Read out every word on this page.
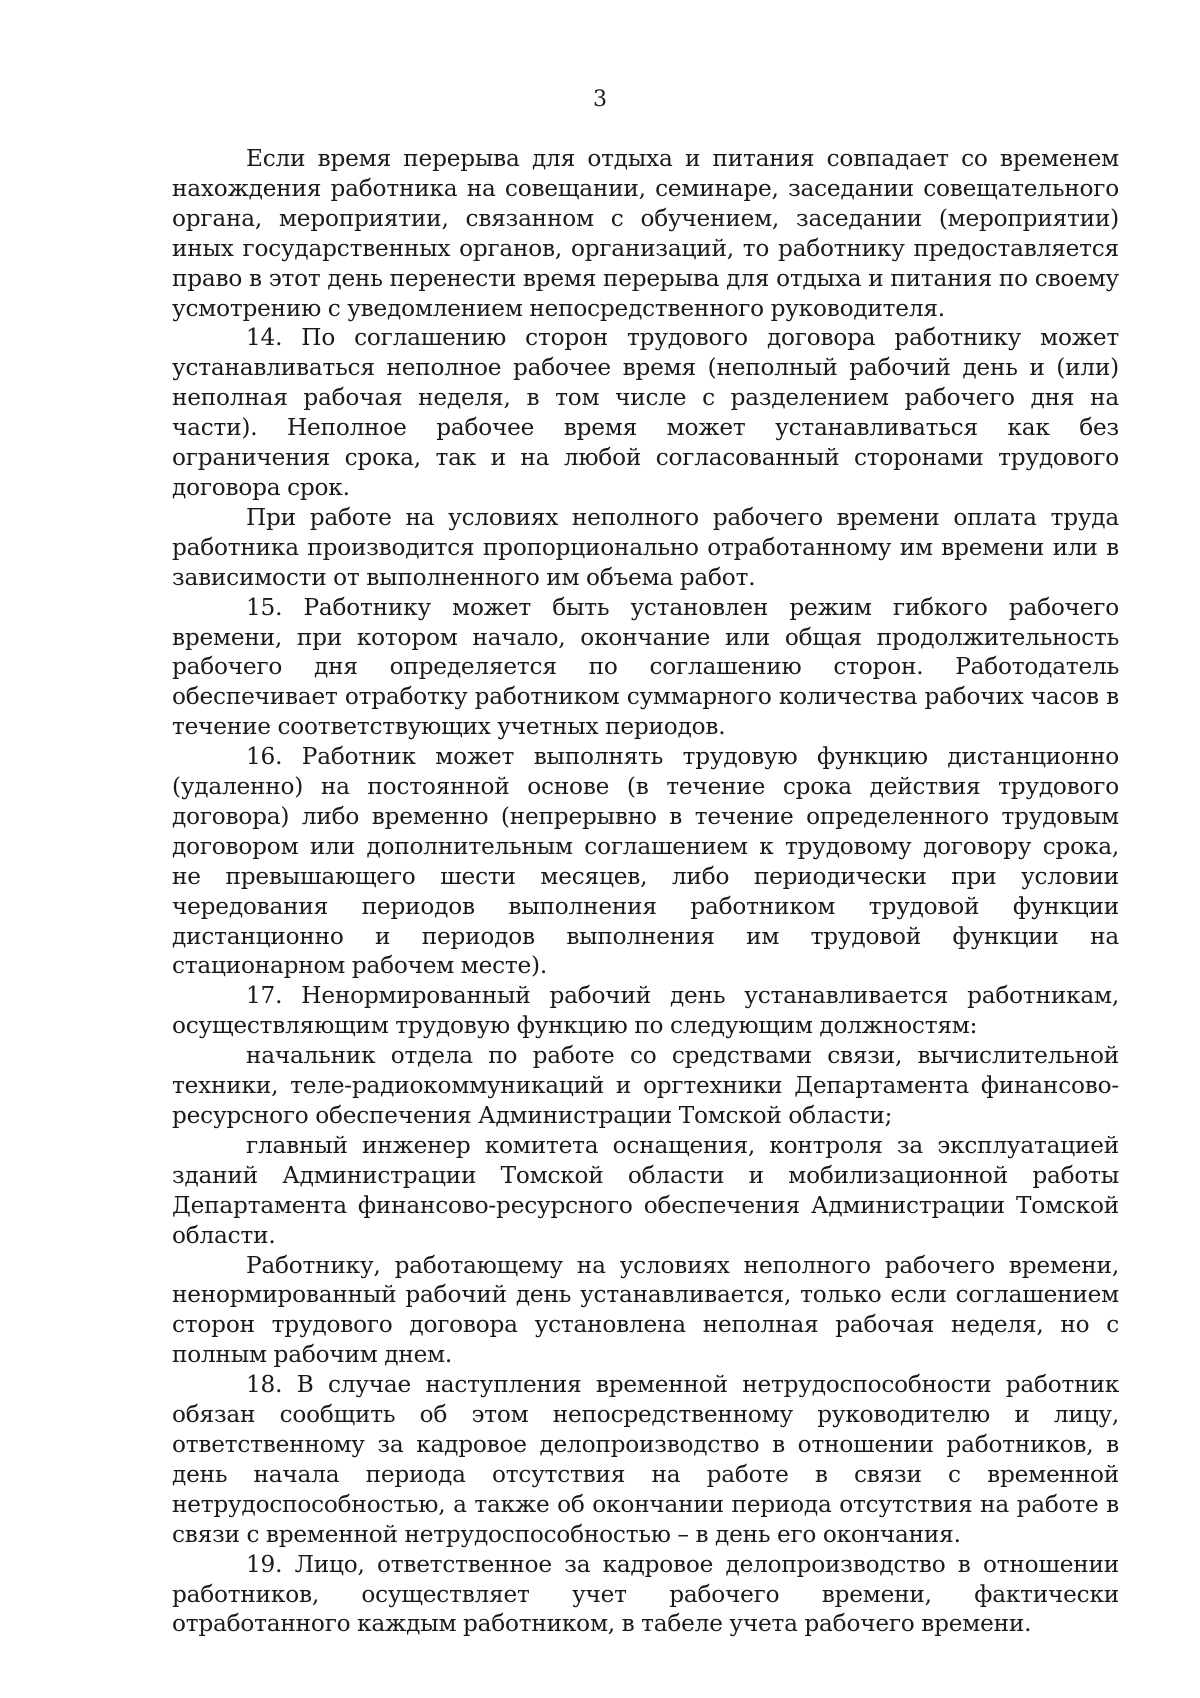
3

Если время перерыва для отдыха и питания совпадает со временем нахождения работника на совещании, семинаре, заседании совещательного органа, мероприятии, связанном с обучением, заседании (мероприятии) иных государственных органов, организаций, то работнику предоставляется право в этот день перенести время перерыва для отдыха и питания по своему усмотрению с уведомлением непосредственного руководителя.

14. По соглашению сторон трудового договора работнику может устанавливаться неполное рабочее время (неполный рабочий день и (или) неполная рабочая неделя, в том числе с разделением рабочего дня на части). Неполное рабочее время может устанавливаться как без ограничения срока, так и на любой согласованный сторонами трудового договора срок.

При работе на условиях неполного рабочего времени оплата труда работника производится пропорционально отработанному им времени или в зависимости от выполненного им объема работ.

15. Работнику может быть установлен режим гибкого рабочего времени, при котором начало, окончание или общая продолжительность рабочего дня определяется по соглашению сторон. Работодатель обеспечивает отработку работником суммарного количества рабочих часов в течение соответствующих учетных периодов.

16. Работник может выполнять трудовую функцию дистанционно (удаленно) на постоянной основе (в течение срока действия трудового договора) либо временно (непрерывно в течение определенного трудовым договором или дополнительным соглашением к трудовому договору срока, не превышающего шести месяцев, либо периодически при условии чередования периодов выполнения работником трудовой функции дистанционно и периодов выполнения им трудовой функции на стационарном рабочем месте).

17. Ненормированный рабочий день устанавливается работникам, осуществляющим трудовую функцию по следующим должностям:

начальник отдела по работе со средствами связи, вычислительной техники, теле-радиокоммуникаций и оргтехники Департамента финансово-ресурсного обеспечения Администрации Томской области;

главный инженер комитета оснащения, контроля за эксплуатацией зданий Администрации Томской области и мобилизационной работы Департамента финансово-ресурсного обеспечения Администрации Томской области.

Работнику, работающему на условиях неполного рабочего времени, ненормированный рабочий день устанавливается, только если соглашением сторон трудового договора установлена неполная рабочая неделя, но с полным рабочим днем.

18. В случае наступления временной нетрудоспособности работник обязан сообщить об этом непосредственному руководителю и лицу, ответственному за кадровое делопроизводство в отношении работников, в день начала периода отсутствия на работе в связи с временной нетрудоспособностью, а также об окончании периода отсутствия на работе в связи с временной нетрудоспособностью – в день его окончания.

19. Лицо, ответственное за кадровое делопроизводство в отношении работников, осуществляет учет рабочего времени, фактически отработанного каждым работником, в табеле учета рабочего времени.
